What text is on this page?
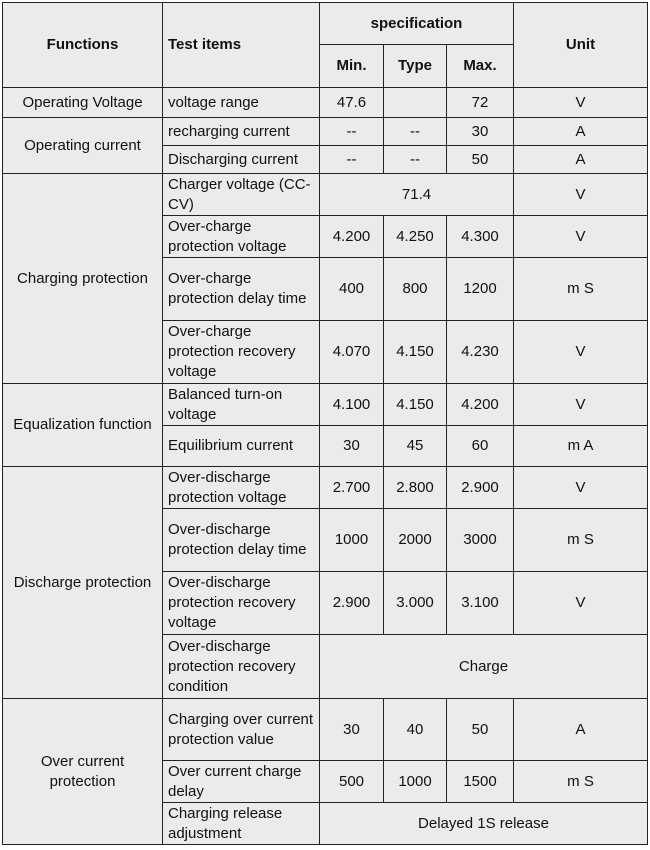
Functions	Test items	specification			Unit
		Min.	Type	Max.	
Operating Voltage	voltage range	47.6		72	V
Operating current	recharging current	--	--	30	A
	Discharging current	--	--	50	A
Charging protection	Charger voltage (CC- CV)	71.4			V
	Over-charge protection voltage	4.200	4.250	4.300	V
	Over-charge protection delay time	400	800	1200	m S
	Over-charge protection recovery voltage	4.070	4.150	4.230	V
Equalization function	Balanced turn-on voltage	4.100	4.150	4.200	V
	Equilibrium current	30	45	60	m A
Discharge protection	Over-discharge protection voltage	2.700	2.800	2.900	V
	Over-discharge protection delay time	1000	2000	3000	m S
	Over-discharge protection recovery voltage	2.900	3.000	3.100	V
	Over-discharge protection recovery condition	Charge			
Over current protection	Charging over current protection value	30	40	50	A
	Over current charge delay	500	1000	1500	m S
	Charging release adjustment	Delayed 1S release			
